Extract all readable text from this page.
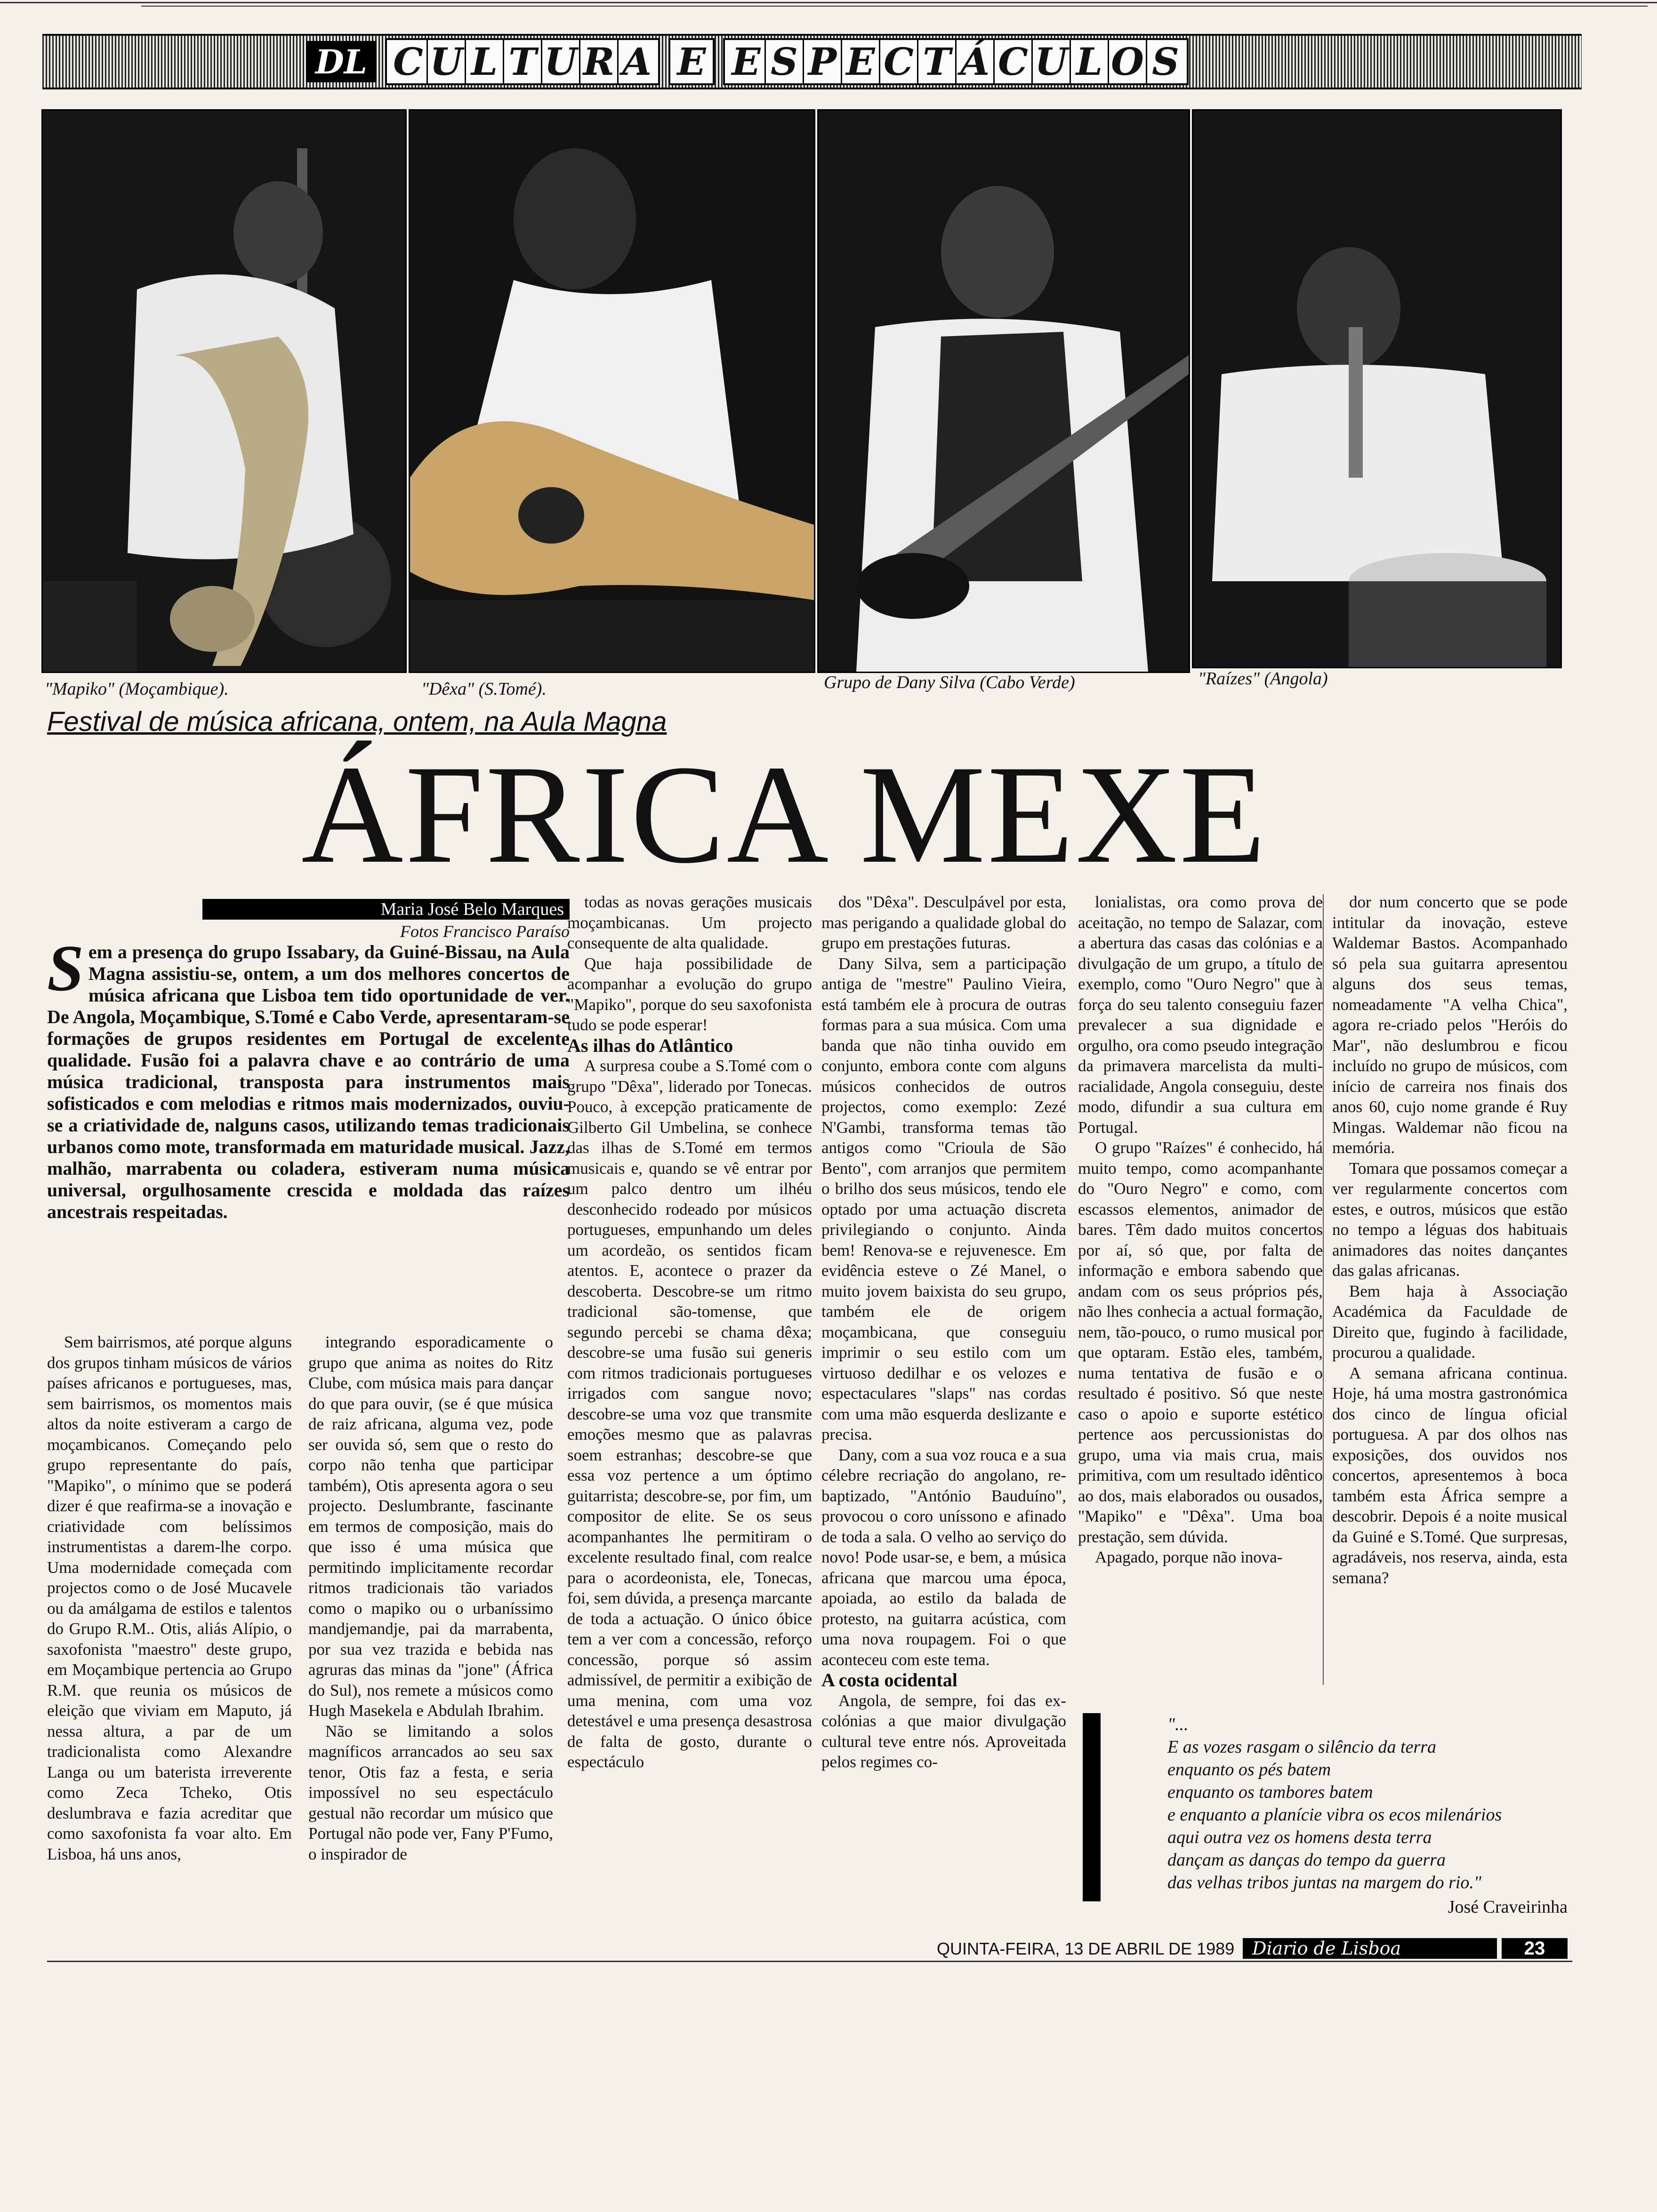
DL C U L T U R A E E S P E C T Á C U L O S
"Mapiko" (Moçambique).	"Dêxa" (S.Tomé).	Grupo de Dany Silva (Cabo Verde)	"Raízes" (Angola)
Festival de música africana, ontem, na Aula Magna
ÁFRICA MEXE
Maria José Belo Marques
Fotos Francisco Paraíso
S em a presença do grupo Issabary, da Guiné-Bissau, na Aula Magna assistiu-se, ontem, a um dos melhores concertos de música africana que Lisboa tem tido oportunidade de ver. De Angola, Moçambique, S.Tomé e Cabo Verde, apresentaram-se formações de grupos residentes em Portugal de excelente qualidade. Fusão foi a palavra chave e ao contrário de uma música tradicional, transposta para instrumentos mais sofisticados e com melodias e ritmos mais modernizados, ouviu-se a criatividade de, nalguns casos, utilizando temas tradicionais urbanos como mote, transformada em maturidade musical. Jazz, malhão, marrabenta ou coladera, estiveram numa música universal, orgulhosamente crescida e moldada das raízes ancestrais respeitadas.

Sem bairrismos, até porque alguns dos grupos tinham músicos de vários países africanos e portugueses, mas, sem bairrismos, os momentos mais altos da noite estiveram a cargo de moçambicanos. Começando pelo grupo representante do país, "Mapiko", o mínimo que se poderá dizer é que reafirma-se a inovação e criatividade com belíssimos instrumentistas a darem-lhe corpo. Uma modernidade começada com projectos como o de José Mucavele ou da amálgama de estilos e talentos do Grupo R.M.. Otis, aliás Alípio, o saxofonista "maestro" deste grupo, em Moçambique pertencia ao Grupo R.M. que reunia os músicos de eleição que viviam em Maputo, já nessa altura, a par de um tradicionalista como Alexandre Langa ou um baterista irreverente como Zeca Tcheko, Otis deslumbrava e fazia acreditar que como saxofonista fa voar alto. Em Lisboa, há uns anos,

integrando esporadicamente o grupo que anima as noites do Ritz Clube, com música mais para dançar do que para ouvir, (se é que música de raiz africana, alguma vez, pode ser ouvida só, sem que o resto do corpo não tenha que participar também), Otis apresenta agora o seu projecto. Deslumbrante, fascinante em termos de composição, mais do que isso é uma música que permitindo implicitamente recordar ritmos tradicionais tão variados como o mapiko ou o urbaníssimo mandjemandje, pai da marrabenta, por sua vez trazida e bebida nas agruras das minas da "jone" (África do Sul), nos remete a músicos como Hugh Masekela e Abdulah Ibrahim.

Não se limitando a solos magníficos arrancados ao seu sax tenor, Otis faz a festa, e seria impossível no seu espectáculo gestual não recordar um músico que Portugal não pode ver, Fany P'Fumo, o inspirador de

todas as novas gerações musicais moçambicanas. Um projecto consequente de alta qualidade.

Que haja possibilidade de acompanhar a evolução do grupo "Mapiko", porque do seu saxofonista tudo se pode esperar!

As ilhas do Atlântico

A surpresa coube a S.Tomé com o grupo "Dêxa", liderado por Tonecas. Pouco, à excepção praticamente de Gilberto Gil Umbelina, se conhece das ilhas de S.Tomé em termos musicais e, quando se vê entrar por um palco dentro um ilhéu desconhecido rodeado por músicos portugueses, empunhando um deles um acordeão, os sentidos ficam atentos. E, acontece o prazer da descoberta. Descobre-se um ritmo tradicional são-tomense, que segundo percebi se chama dêxa; descobre-se uma fusão sui generis com ritmos tradicionais portugueses irrigados com sangue novo; descobre-se uma voz que transmite emoções mesmo que as palavras soem estranhas; descobre-se que essa voz pertence a um óptimo guitarrista; descobre-se, por fim, um compositor de elite. Se os seus acompanhantes lhe permitiram o excelente resultado final, com realce para o acordeonista, ele, Tonecas, foi, sem dúvida, a presença marcante de toda a actuação. O único óbice tem a ver com a concessão, reforço concessão, porque só assim admissível, de permitir a exibição de uma menina, com uma voz detestável e uma presença desastrosa de falta de gosto, durante o espectáculo

dos "Dêxa". Desculpável por esta, mas perigando a qualidade global do grupo em prestações futuras.

Dany Silva, sem a participação antiga de "mestre" Paulino Vieira, está também ele à procura de outras formas para a sua música. Com uma banda que não tinha ouvido em conjunto, embora conte com alguns músicos conhecidos de outros projectos, como exemplo: Zezé N'Gambi, transforma temas tão antigos como "Crioula de São Bento", com arranjos que permitem o brilho dos seus músicos, tendo ele optado por uma actuação discreta privilegiando o conjunto. Ainda bem! Renova-se e rejuvenesce. Em evidência esteve o Zé Manel, o muito jovem baixista do seu grupo, também ele de origem moçambicana, que conseguiu imprimir o seu estilo com um virtuoso dedilhar e os velozes e espectaculares "slaps" nas cordas com uma mão esquerda deslizante e precisa.

Dany, com a sua voz rouca e a sua célebre recriação do angolano, re-baptizado, "António Bauduíno", provocou o coro uníssono e afinado de toda a sala. O velho ao serviço do novo! Pode usar-se, e bem, a música africana que marcou uma época, apoiada, ao estilo da balada de protesto, na guitarra acústica, com uma nova roupagem. Foi o que aconteceu com este tema.

A costa ocidental

Angola, de sempre, foi das ex-colónias a que maior divulgação cultural teve entre nós. Aproveitada pelos regimes co-

lonialistas, ora como prova de aceitação, no tempo de Salazar, com a abertura das casas das colónias e a divulgação de um grupo, a título de exemplo, como "Ouro Negro" que à força do seu talento conseguiu fazer prevalecer a sua dignidade e orgulho, ora como pseudo integração da primavera marcelista da multi-racialidade, Angola conseguiu, deste modo, difundir a sua cultura em Portugal.

O grupo "Raízes" é conhecido, há muito tempo, como acompanhante do "Ouro Negro" e como, com escassos elementos, animador de bares. Têm dado muitos concertos por aí, só que, por falta de informação e embora sabendo que andam com os seus próprios pés, não lhes conhecia a actual formação, nem, tão-pouco, o rumo musical por que optaram. Estão eles, também, numa tentativa de fusão e o resultado é positivo. Só que neste caso o apoio e suporte estético pertence aos percussionistas do grupo, uma via mais crua, mais primitiva, com um resultado idêntico ao dos, mais elaborados ou ousados, "Mapiko" e "Dêxa". Uma boa prestação, sem dúvida.

Apagado, porque não inova-

dor num concerto que se pode intitular da inovação, esteve Waldemar Bastos. Acompanhado só pela sua guitarra apresentou alguns dos seus temas, nomeadamente "A velha Chica", agora re-criado pelos "Heróis do Mar", não deslumbrou e ficou incluído no grupo de músicos, com início de carreira nos finais dos anos 60, cujo nome grande é Ruy Mingas. Waldemar não ficou na memória.

Tomara que possamos começar a ver regularmente concertos com estes, e outros, músicos que estão no tempo a léguas dos habituais animadores das noites dançantes das galas africanas.

Bem haja à Associação Académica da Faculdade de Direito que, fugindo à facilidade, procurou a qualidade.

A semana africana continua. Hoje, há uma mostra gastronómica dos cinco de língua oficial portuguesa. A par dos olhos nas exposições, dos ouvidos nos concertos, apresentemos à boca também esta África sempre a descobrir. Depois é a noite musical da Guiné e S.Tomé. Que surpresas, agradáveis, nos reserva, ainda, esta semana?

"...
E as vozes rasgam o silêncio da terra
enquanto os pés batem
enquanto os tambores batem
e enquanto a planície vibra os ecos milenários
aqui outra vez os homens desta terra
dançam as danças do tempo da guerra
das velhas tribos juntas na margem do rio."
José Craveirinha
QUINTA-FEIRA, 13 DE ABRIL DE 1989 Diario de Lisboa	23
